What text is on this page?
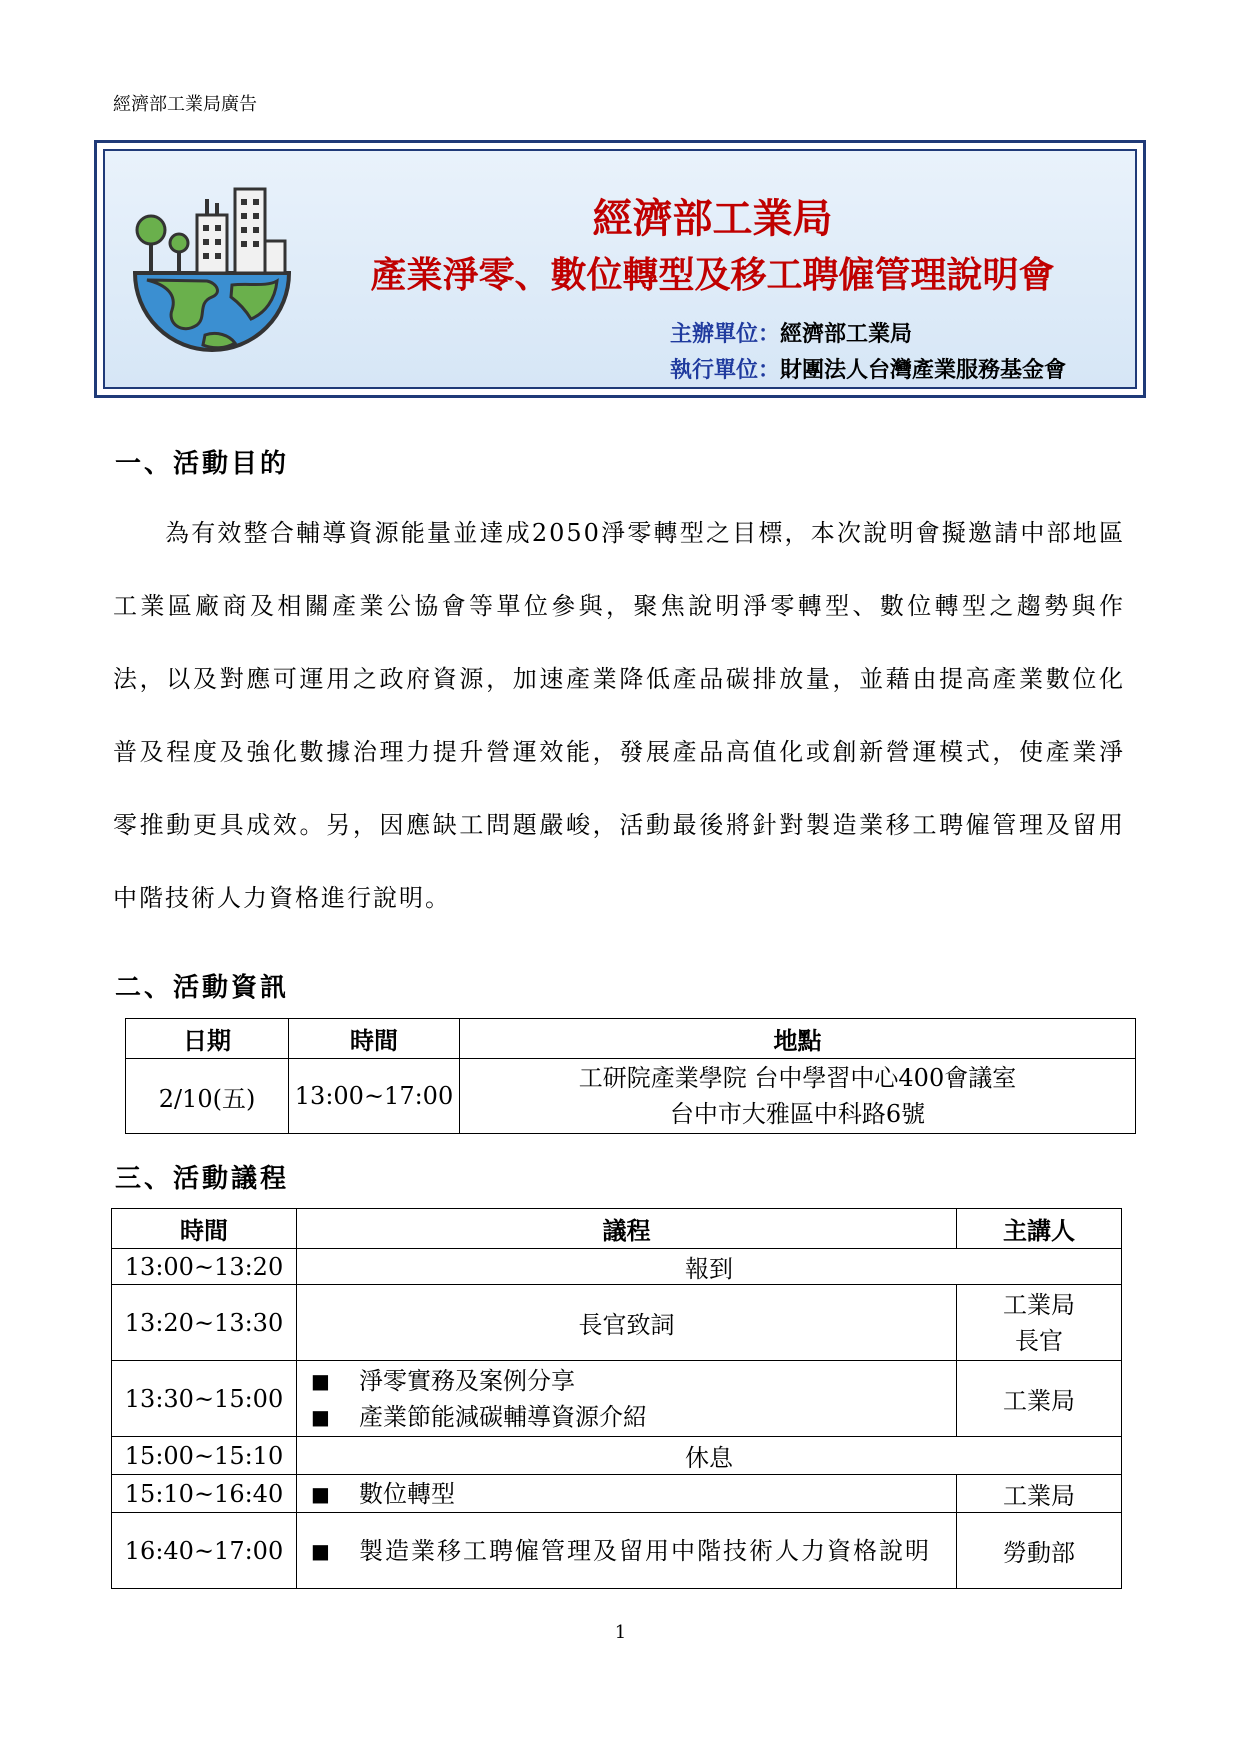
經濟部工業局廣告
經濟部工業局
產業淨零、數位轉型及移工聘僱管理說明會
主辦單位：經濟部工業局
執行單位：財團法人台灣產業服務基金會
一、活動目的

為有效整合輔導資源能量並達成2050淨零轉型之目標，本次說明會擬邀請中部地區工業區廠商及相關產業公協會等單位參與，聚焦說明淨零轉型、數位轉型之趨勢與作法，以及對應可運用之政府資源，加速產業降低產品碳排放量，並藉由提高產業數位化普及程度及強化數據治理力提升營運效能，發展產品高值化或創新營運模式，使產業淨零推動更具成效。另，因應缺工問題嚴峻，活動最後將針對製造業移工聘僱管理及留用中階技術人力資格進行說明。

二、活動資訊
日期	時間	地點
2/10(五)	13:00~17:00	工研院產業學院 台中學習中心400會議室
台中市大雅區中科路6號
三、活動議程
時間	議程	主講人
13:00~13:20	報到	
13:20~13:30	長官致詞	工業局
長官

13:30~15:00	■ 淨零實務及案例分享
■ 產業節能減碳輔導資源介紹	工業局
15:00~15:10	休息	
15:10~16:40	■ 數位轉型	工業局
16:40~17:00	■ 製造業移工聘僱管理及留用中階技術人力資格說明	勞動部
1
